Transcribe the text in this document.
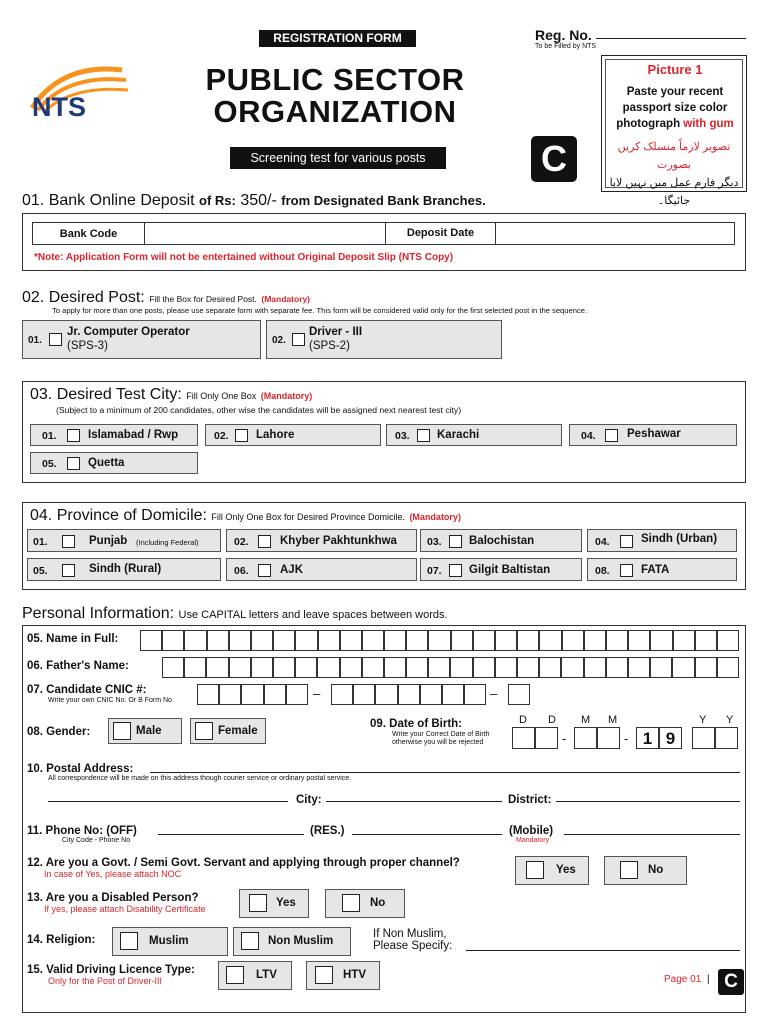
NTS
REGISTRATION FORM
PUBLIC SECTOR
ORGANIZATION
Screening test for various posts	C
Reg. No.
To be Filled by NTS
Picture 1
Paste your recent
passport size color
photograph with gum
تصویر لازماً منسلک کریں بصورت
دیگر فارم عمل میں نہیں لایا جائیگا۔
01. Bank Online Deposit of Rs: 350/- from Designated Bank Branches.
Bank Code	Deposit Date
*Note: Application Form will not be entertained without Original Deposit Slip (NTS Copy)
02. Desired Post: Fill the Box for Desired Post. (Mandatory)
To apply for more than one posts, please use separate form with separate fee. This form will be considered valid only for the first selected post in the sequence.
01.
Jr. Computer Operator
(SPS-3)	02.
Driver - III
(SPS-2)
03. Desired Test City: Fill Only One Box (Mandatory)
(Subject to a minimum of 200 candidates, other wise the candidates will be assigned next nearest test city)
01.	Islamabad / Rwp	02. Lahore	03. Karachi	04.	Peshawar
05.	Quetta
04. Province of Domicile: Fill Only One Box for Desired Province Domicile. (Mandatory)
01.	Punjab (Including Federal)	02.	Khyber Pakhtunkhwa	03. Balochistan	04.	Sindh (Urban)
05.	Sindh (Rural)	06.	AJK	07. Gilgit Baltistan	08.	FATA
Personal Information: Use CAPITAL letters and leave spaces between words.
05. Name in Full:
06. Father's Name:
07. Candidate CNIC #:
Write your own CNIC No. Or B Form No.	–	–
08. Gender:	Male	Female
09. Date of Birth:
Write your Correct Date of Birth
otherwise you will be rejected
D D M M	Y Y
-	- 1 9
10. Postal Address:
All correspondence will be made on this address though courier service or ordinary postal service.
City:	District:
11. Phone No: (OFF)
City Code - Phone No
(RES.)	(Mobile)
Mandatory
12. Are you a Govt. / Semi Govt. Servant and applying through proper channel?
In case of Yes, please attach NOC	Yes	No
13. Are you a Disabled Person?
If yes, please attach Disability Certificate	Yes	No
14. Religion:	Muslim	Non Muslim
If Non Muslim,
Please Specify:
15. Valid Driving Licence Type:
Only for the Post of Driver-III	LTV	HTV	Page 01 | C
